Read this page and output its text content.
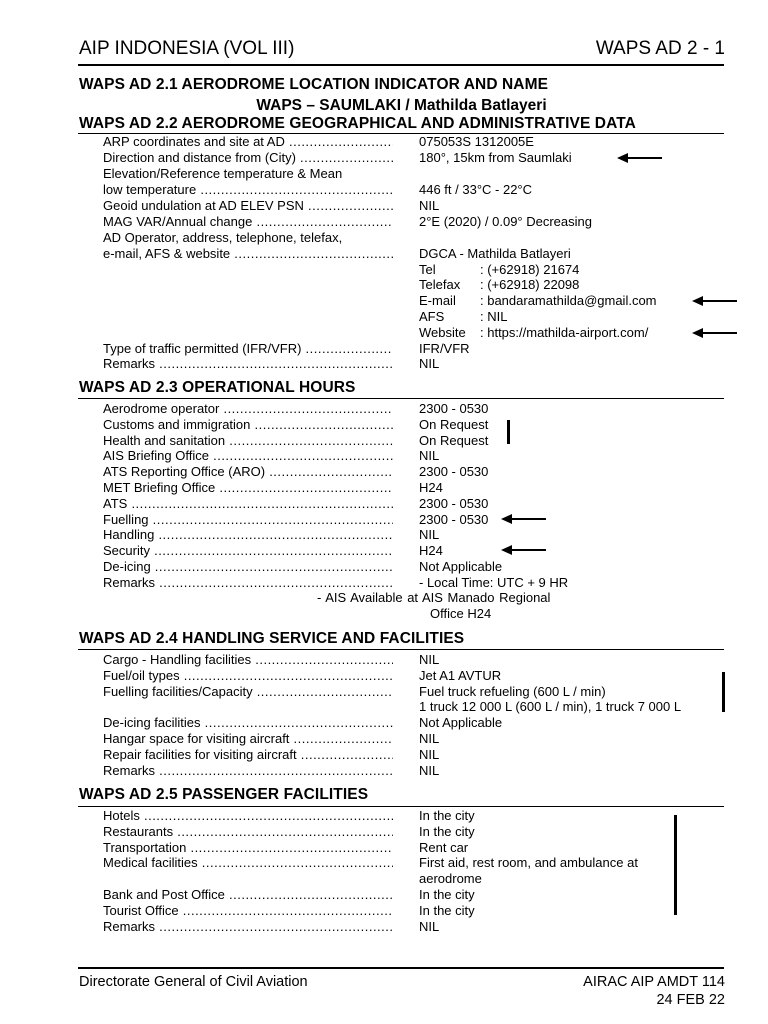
AIP INDONESIA (VOL III)	WAPS AD 2 - 1
WAPS AD 2.1 AERODROME LOCATION INDICATOR AND NAME
WAPS – SAUMLAKI / Mathilda Batlayeri
WAPS AD 2.2 AERODROME GEOGRAPHICAL AND ADMINISTRATIVE DATA
ARP coordinates and site at AD .....	075053S 1312005E
Direction and distance from (City) .....	180°, 15km from Saumlaki
Elevation/Reference temperature & Mean
low temperature .....	446 ft / 33°C - 22°C
Geoid undulation at AD ELEV PSN .....	NIL
MAG VAR/Annual change .....	2°E (2020) / 0.09° Decreasing
AD Operator, address, telephone, telefax,
e-mail, AFS & website .....	DGCA - Mathilda Batlayeri
Tel	: (+62918) 21674
Telefax : (+62918) 22098
E-mail : bandaramathilda@gmail.com
AFS	: NIL
Website : https://mathilda-airport.com/
Type of traffic permitted (IFR/VFR) .....	IFR/VFR
Remarks .....	NIL
WAPS AD 2.3 OPERATIONAL HOURS
Aerodrome operator .....	2300 - 0530
Customs and immigration .....	On Request
Health and sanitation .....	On Request
AIS Briefing Office .....	NIL
ATS Reporting Office (ARO) .....	2300 - 0530
MET Briefing Office .....	H24
ATS .....	2300 - 0530
Fuelling .....	2300 - 0530
Handling .....	NIL
Security .....	H24
De-icing .....	Not Applicable
Remarks .....	- Local Time: UTC + 9 HR
- AIS Available at AIS Manado Regional
Office H24
WAPS AD 2.4 HANDLING SERVICE AND FACILITIES
Cargo - Handling facilities .....	NIL
Fuel/oil types .....	Jet A1 AVTUR
Fuelling facilities/Capacity .....	Fuel truck refueling (600 L / min)
1 truck 12 000 L (600 L / min), 1 truck 7 000 L
De-icing facilities .....	Not Applicable
Hangar space for visiting aircraft .....	NIL
Repair facilities for visiting aircraft .....	NIL
Remarks .....	NIL
WAPS AD 2.5 PASSENGER FACILITIES
Hotels .....	In the city
Restaurants .....	In the city
Transportation .....	Rent car
Medical facilities .....	First aid, rest room, and ambulance at
aerodrome
Bank and Post Office .....	In the city
Tourist Office .....	In the city
Remarks .....	NIL
Directorate General of Civil Aviation	AIRAC AIP AMDT 114
24 FEB 22
